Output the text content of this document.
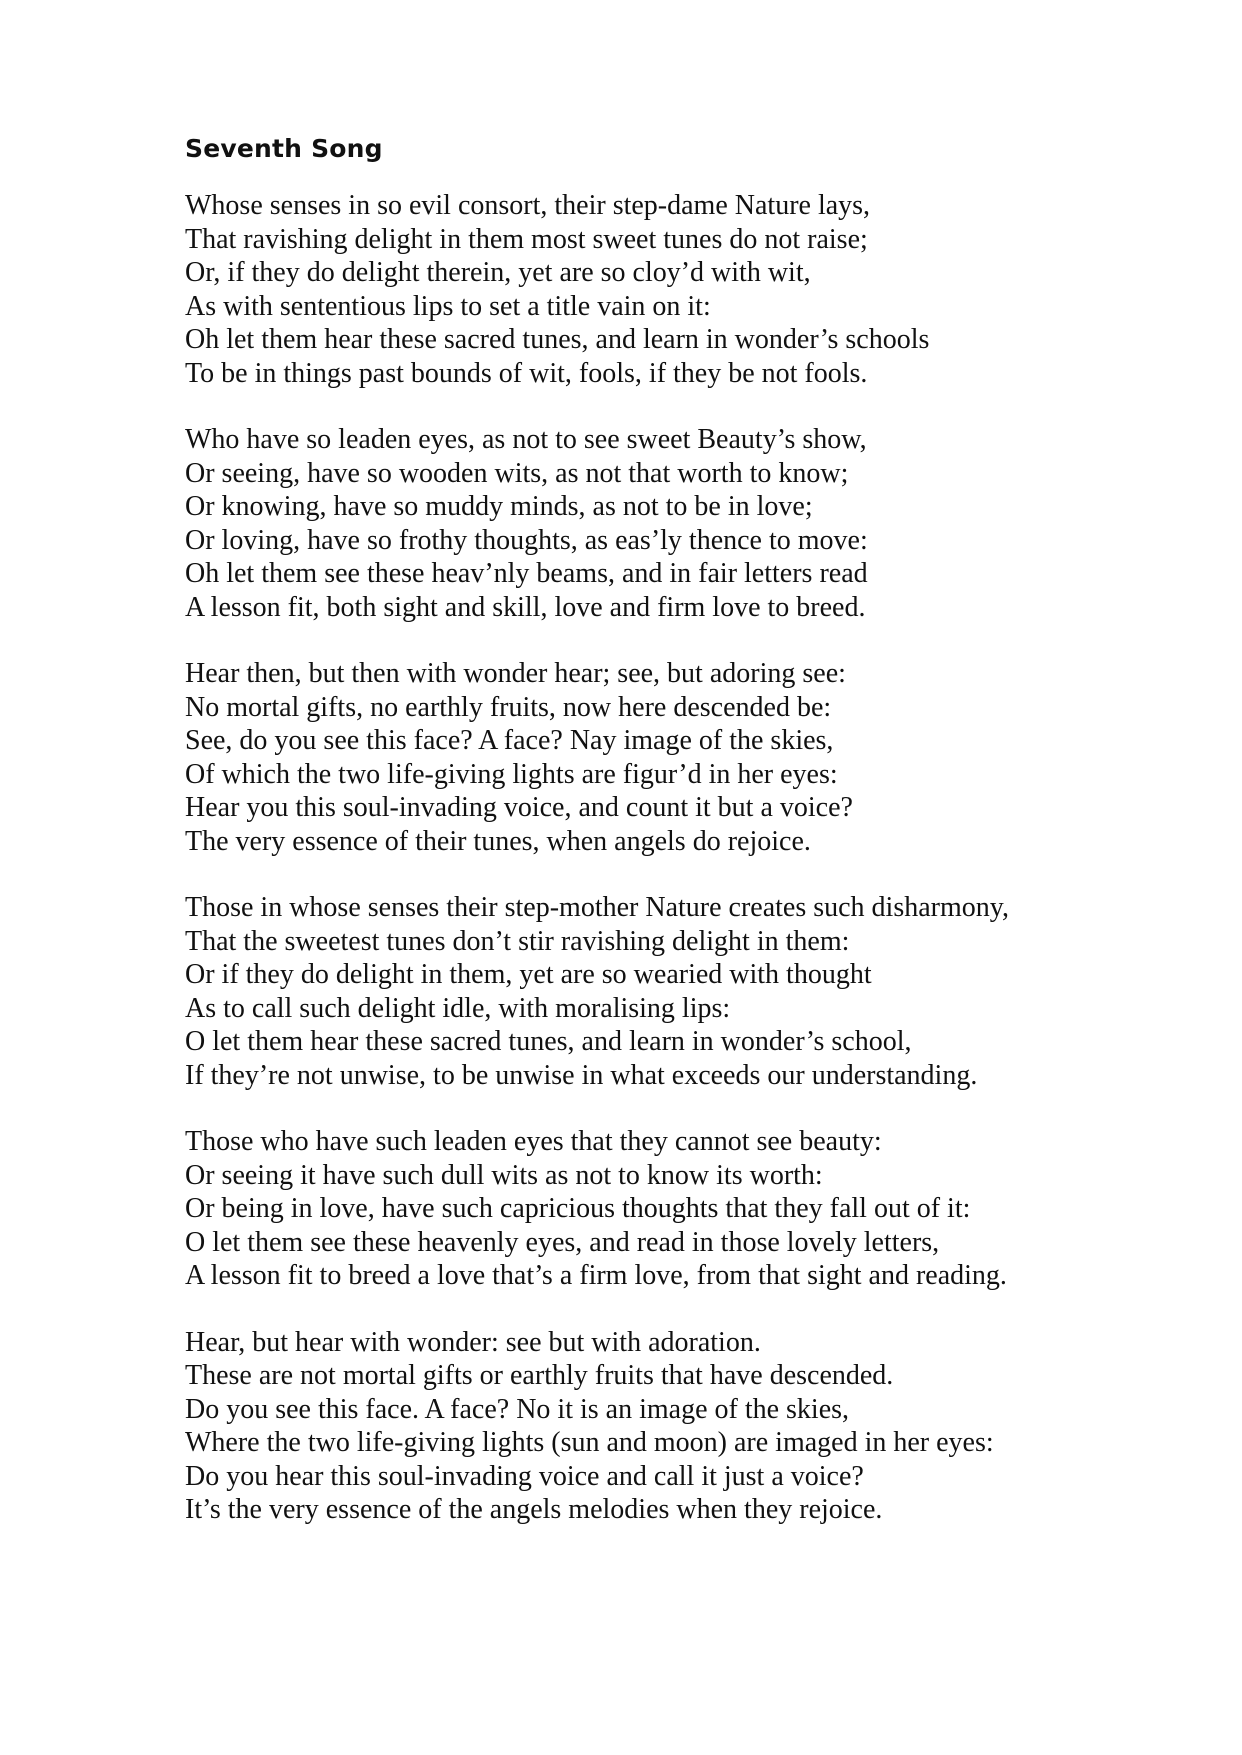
Seventh Song
Whose senses in so evil consort, their step-dame Nature lays,
That ravishing delight in them most sweet tunes do not raise;
Or, if they do delight therein, yet are so cloy’d with wit,
As with sententious lips to set a title vain on it:
Oh let them hear these sacred tunes, and learn in wonder’s schools
To be in things past bounds of wit, fools, if they be not fools.
Who have so leaden eyes, as not to see sweet Beauty’s show,
Or seeing, have so wooden wits, as not that worth to know;
Or knowing, have so muddy minds, as not to be in love;
Or loving, have so frothy thoughts, as eas’ly thence to move:
Oh let them see these heav’nly beams, and in fair letters read
A lesson fit, both sight and skill, love and firm love to breed.
Hear then, but then with wonder hear; see, but adoring see:
No mortal gifts, no earthly fruits, now here descended be:
See, do you see this face? A face? Nay image of the skies,
Of which the two life-giving lights are figur’d in her eyes:
Hear you this soul-invading voice, and count it but a voice?
The very essence of their tunes, when angels do rejoice.
Those in whose senses their step-mother Nature creates such disharmony,
That the sweetest tunes don’t stir ravishing delight in them:
Or if they do delight in them, yet are so wearied with thought
As to call such delight idle, with moralising lips:
O let them hear these sacred tunes, and learn in wonder’s school,
If they’re not unwise, to be unwise in what exceeds our understanding.
Those who have such leaden eyes that they cannot see beauty:
Or seeing it have such dull wits as not to know its worth:
Or being in love, have such capricious thoughts that they fall out of it:
O let them see these heavenly eyes, and read in those lovely letters,
A lesson fit to breed a love that’s a firm love, from that sight and reading.
Hear, but hear with wonder: see but with adoration.
These are not mortal gifts or earthly fruits that have descended.
Do you see this face. A face? No it is an image of the skies,
Where the two life-giving lights (sun and moon) are imaged in her eyes:
Do you hear this soul-invading voice and call it just a voice?
It’s the very essence of the angels melodies when they rejoice.
